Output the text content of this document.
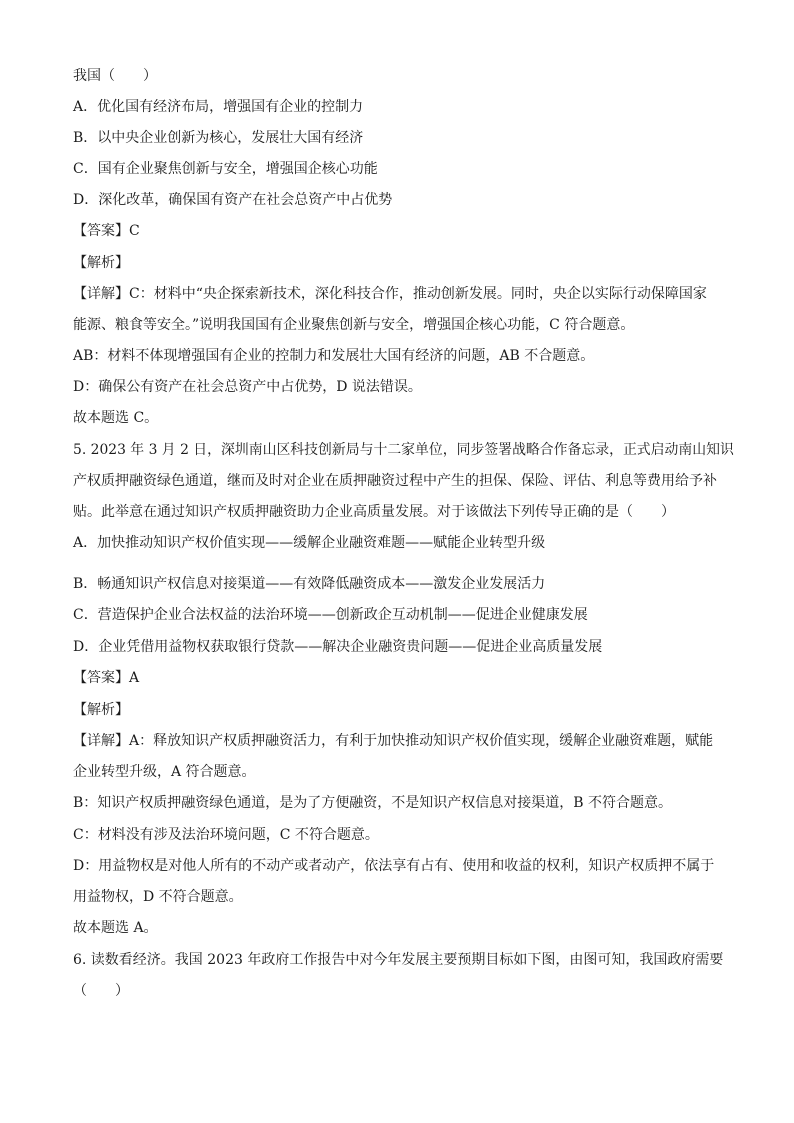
我国（　　）
A．优化国有经济布局，增强国有企业的控制力
B．以中央企业创新为核心，发展壮大国有经济
C．国有企业聚焦创新与安全，增强国企核心功能
D．深化改革，确保国有资产在社会总资产中占优势
【答案】C
【解析】
【详解】C：材料中“央企探索新技术，深化科技合作，推动创新发展。同时，央企以实际行动保障国家
能源、粮食等安全。”说明我国国有企业聚焦创新与安全，增强国企核心功能，C 符合题意。
AB：材料不体现增强国有企业的控制力和发展壮大国有经济的问题，AB 不合题意。
D：确保公有资产在社会总资产中占优势，D 说法错误。
故本题选 C。
5. 2023 年 3 月 2 日，深圳南山区科技创新局与十二家单位，同步签署战略合作备忘录，正式启动南山知识
产权质押融资绿色通道，继而及时对企业在质押融资过程中产生的担保、保险、评估、利息等费用给予补
贴。此举意在通过知识产权质押融资助力企业高质量发展。对于该做法下列传导正确的是（　　）
A．加快推动知识产权价值实现——缓解企业融资难题——赋能企业转型升级
B．畅通知识产权信息对接渠道——有效降低融资成本——激发企业发展活力
C．营造保护企业合法权益的法治环境——创新政企互动机制——促进企业健康发展
D．企业凭借用益物权获取银行贷款——解决企业融资贵问题——促进企业高质量发展
【答案】A
【解析】
【详解】A：释放知识产权质押融资活力，有利于加快推动知识产权价值实现，缓解企业融资难题，赋能
企业转型升级，A 符合题意。
B：知识产权质押融资绿色通道，是为了方便融资，不是知识产权信息对接渠道，B 不符合题意。
C：材料没有涉及法治环境问题，C 不符合题意。
D：用益物权是对他人所有的不动产或者动产，依法享有占有、使用和收益的权利，知识产权质押不属于
用益物权，D 不符合题意。
故本题选 A。
6. 读数看经济。我国 2023 年政府工作报告中对今年发展主要预期目标如下图，由图可知，我国政府需要
（　　）
